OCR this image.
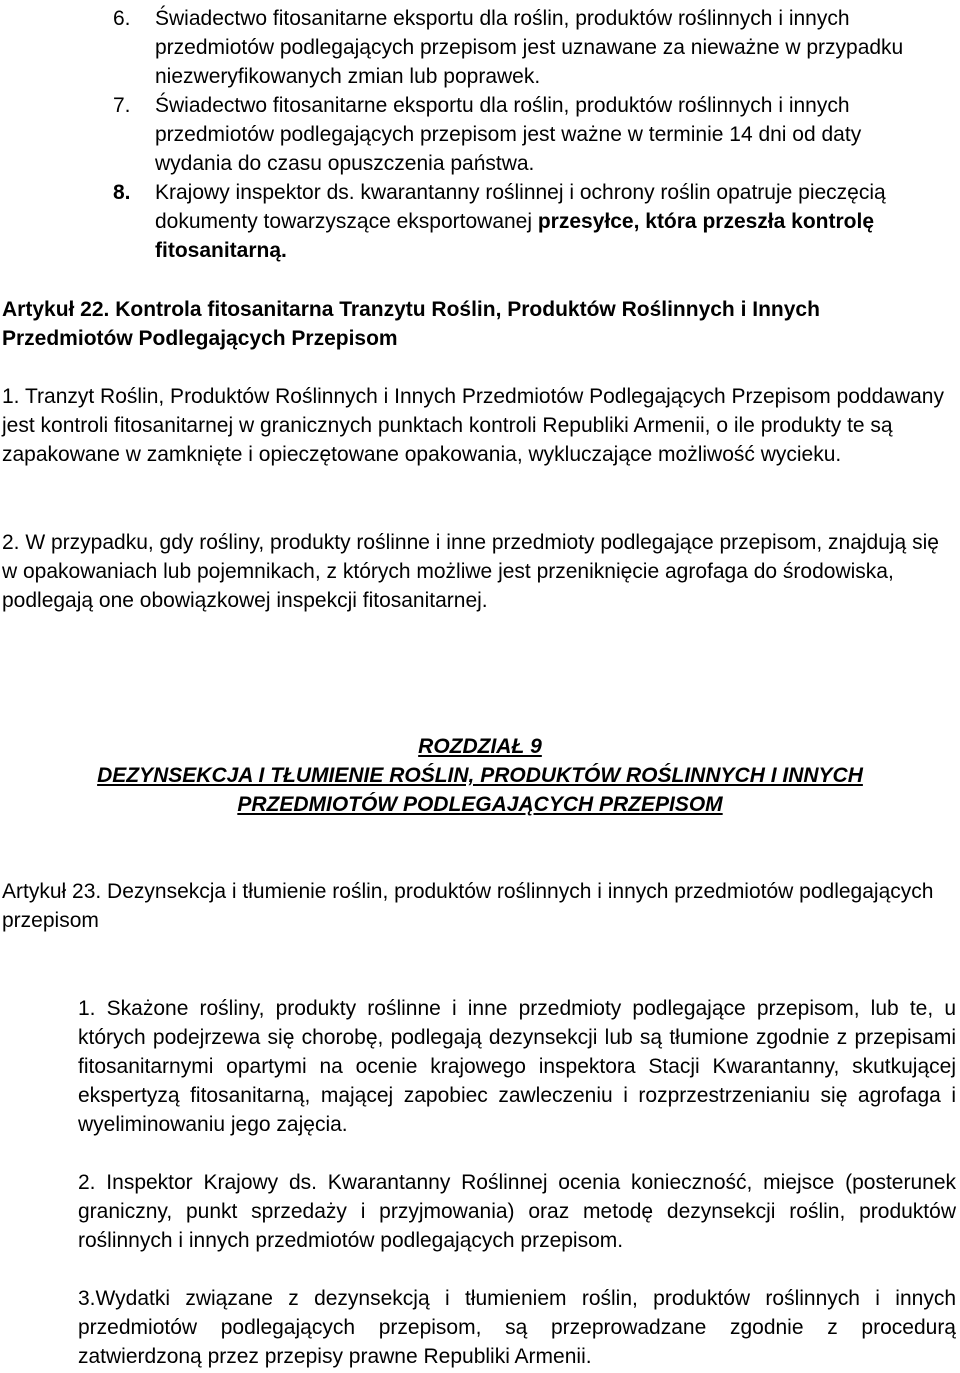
6.	Świadectwo fitosanitarne eksportu dla roślin, produktów roślinnych i innych przedmiotów podlegających przepisom jest uznawane za nieważne w przypadku niezweryfikowanych zmian lub poprawek.
7.	Świadectwo fitosanitarne eksportu dla roślin, produktów roślinnych i innych przedmiotów podlegających przepisom jest ważne w terminie 14 dni od daty wydania do czasu opuszczenia państwa.
8.	Krajowy inspektor ds. kwarantanny roślinnej i ochrony roślin opatruje pieczęcią dokumenty towarzyszące eksportowanej przesyłce, która przeszła kontrolę fitosanitarną.
Artykuł 22. Kontrola fitosanitarna Tranzytu Roślin, Produktów Roślinnych i Innych Przedmiotów Podlegających Przepisom
1. Tranzyt Roślin, Produktów Roślinnych i Innych Przedmiotów Podlegających Przepisom poddawany jest kontroli fitosanitarnej w granicznych punktach kontroli Republiki Armenii, o ile produkty te są zapakowane w zamknięte i opieczętowane opakowania, wykluczające możliwość wycieku.
2. W przypadku, gdy rośliny, produkty roślinne i inne przedmioty podlegające przepisom, znajdują się w opakowaniach lub pojemnikach, z których możliwe jest przeniknięcie agrofaga do środowiska, podlegają one obowiązkowej inspekcji fitosanitarnej.
ROZDZIAŁ 9
DEZYNSEKCJA I TŁUMIENIE ROŚLIN, PRODUKTÓW ROŚLINNYCH I INNYCH
PRZEDMIOTÓW PODLEGAJĄCYCH PRZEPISOM
Artykuł 23. Dezynsekcja i tłumienie roślin, produktów roślinnych i innych przedmiotów podlegających przepisom
1. Skażone rośliny, produkty roślinne i inne przedmioty podlegające przepisom, lub te, u których podejrzewa się chorobę, podlegają dezynsekcji lub są tłumione zgodnie z przepisami fitosanitarnymi opartymi na ocenie krajowego inspektora Stacji Kwarantanny, skutkującej ekspertyzą fitosanitarną, mającej zapobiec zawleczeniu i rozprzestrzenianiu się agrofaga i wyeliminowaniu jego zajęcia.
2. Inspektor Krajowy ds. Kwarantanny Roślinnej ocenia konieczność, miejsce (posterunek graniczny, punkt sprzedaży i przyjmowania) oraz metodę dezynsekcji roślin, produktów roślinnych i innych przedmiotów podlegających przepisom.
3.Wydatki związane z dezynsekcją i tłumieniem roślin, produktów roślinnych i innych przedmiotów podlegających przepisom, są przeprowadzane zgodnie z procedurą zatwierdzoną przez przepisy prawne Republiki Armenii.
